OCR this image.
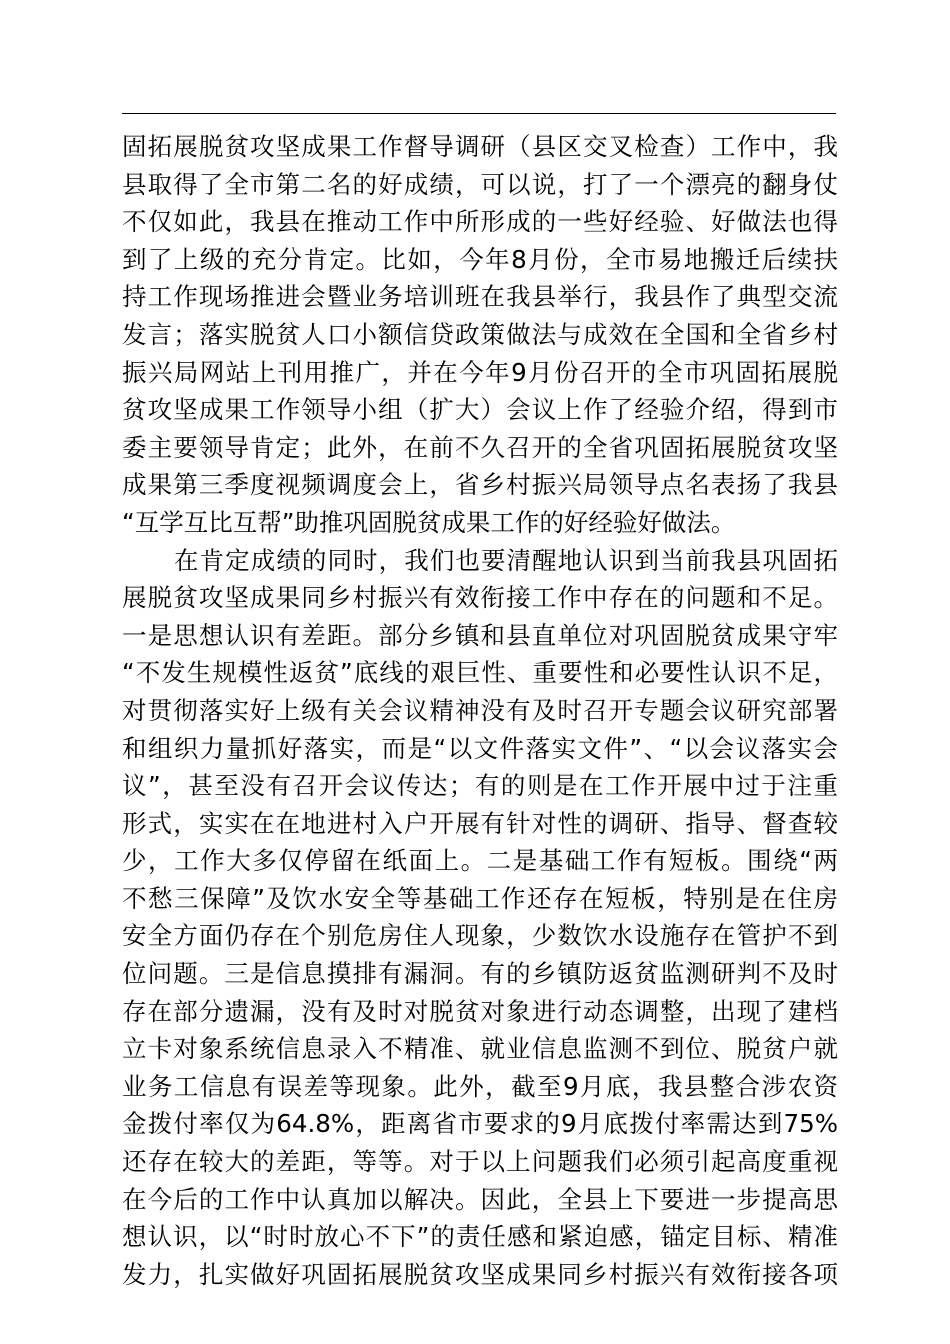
固拓展脱贫攻坚成果工作督导调研（县区交叉检查）工作中，我
县取得了全市第二名的好成绩，可以说，打了一个漂亮的翻身仗
不仅如此，我县在推动工作中所形成的一些好经验、好做法也得
到了上级的充分肯定。比如，今年8月份，全市易地搬迁后续扶
持工作现场推进会暨业务培训班在我县举行，我县作了典型交流
发言；落实脱贫人口小额信贷政策做法与成效在全国和全省乡村
振兴局网站上刊用推广，并在今年9月份召开的全市巩固拓展脱
贫攻坚成果工作领导小组（扩大）会议上作了经验介绍，得到市
委主要领导肯定；此外，在前不久召开的全省巩固拓展脱贫攻坚
成果第三季度视频调度会上，省乡村振兴局领导点名表扬了我县
“互学互比互帮”助推巩固脱贫成果工作的好经验好做法。
在肯定成绩的同时，我们也要清醒地认识到当前我县巩固拓
展脱贫攻坚成果同乡村振兴有效衔接工作中存在的问题和不足。
一是思想认识有差距。部分乡镇和县直单位对巩固脱贫成果守牢
“不发生规模性返贫”底线的艰巨性、重要性和必要性认识不足，
对贯彻落实好上级有关会议精神没有及时召开专题会议研究部署
和组织力量抓好落实，而是“以文件落实文件”、“以会议落实会
议”，甚至没有召开会议传达；有的则是在工作开展中过于注重
形式，实实在在地进村入户开展有针对性的调研、指导、督查较
少，工作大多仅停留在纸面上。二是基础工作有短板。围绕“两
不愁三保障”及饮水安全等基础工作还存在短板，特别是在住房
安全方面仍存在个别危房住人现象，少数饮水设施存在管护不到
位问题。三是信息摸排有漏洞。有的乡镇防返贫监测研判不及时
存在部分遗漏，没有及时对脱贫对象进行动态调整，出现了建档
立卡对象系统信息录入不精准、就业信息监测不到位、脱贫户就
业务工信息有误差等现象。此外，截至9月底，我县整合涉农资
金拨付率仅为64.8%，距离省市要求的9月底拨付率需达到75%
还存在较大的差距，等等。对于以上问题我们必须引起高度重视
在今后的工作中认真加以解决。因此，全县上下要进一步提高思
想认识，以“时时放心不下”的责任感和紧迫感，锚定目标、精准
发力，扎实做好巩固拓展脱贫攻坚成果同乡村振兴有效衔接各项
